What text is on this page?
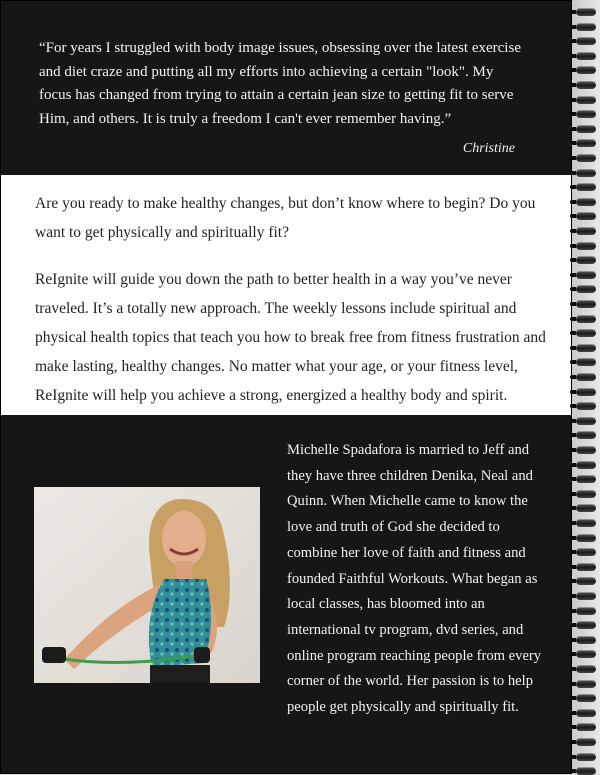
“For years I struggled with body image issues, obsessing over the latest exercise
and diet craze and putting all my efforts into achieving a certain "look". My
focus has changed from trying to attain a certain jean size to getting fit to serve
Him, and others. It is truly a freedom I can't ever remember having.”

Christine

Are you ready to make healthy changes, but don’t know where to begin? Do you
want to get physically and spiritually fit?

ReIgnite will guide you down the path to better health in a way you’ve never
traveled. It’s a totally new approach. The weekly lessons include spiritual and
physical health topics that teach you how to break free from fitness frustration and
make lasting, healthy changes. No matter what your age, or your fitness level,
ReIgnite will help you achieve a strong, energized a healthy body and spirit.

Michelle Spadafora is married to Jeff and
they have three children Denika, Neal and
Quinn. When Michelle came to know the
love and truth of God she decided to
combine her love of faith and fitness and
founded Faithful Workouts. What began as
local classes, has bloomed into an
international tv program, dvd series, and
online program reaching people from every
corner of the world. Her passion is to help
people get physically and spiritually fit.
